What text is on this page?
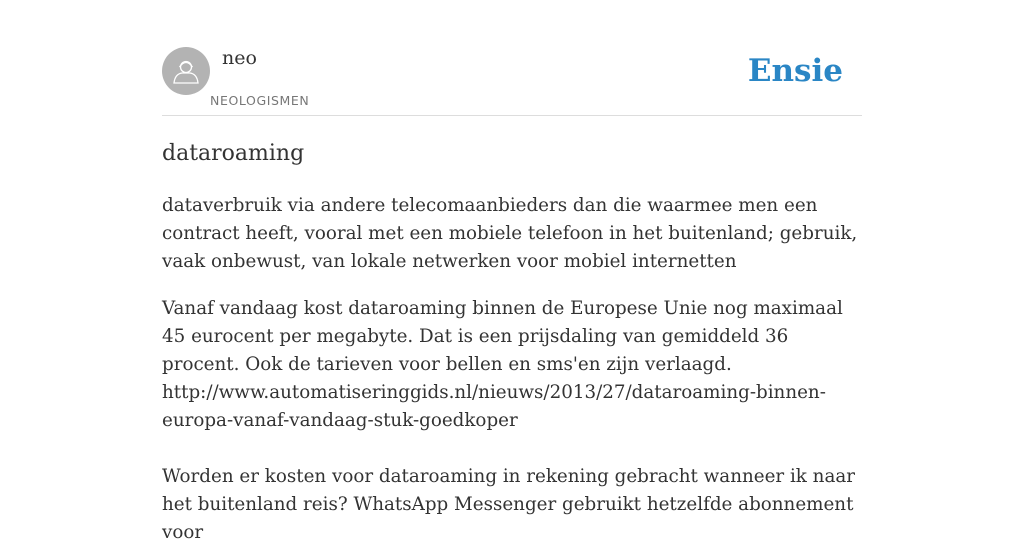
neo
NEOLOGISMEN
Ensie
dataroaming

dataverbruik via andere telecomaanbieders dan die waarmee men een contract heeft, vooral met een mobiele telefoon in het buitenland; gebruik, vaak onbewust, van lokale netwerken voor mobiel internetten

Vanaf vandaag kost dataroaming binnen de Europese Unie nog maximaal 45 eurocent per megabyte. Dat is een prijsdaling van gemiddeld 36 procent. Ook de tarieven voor bellen en sms'en zijn verlaagd.
http://www.automatiseringgids.nl/nieuws/2013/27/dataroaming-binnen-europa-vanaf-vandaag-stuk-goedkoper

Worden er kosten voor dataroaming in rekening gebracht wanneer ik naar het buitenland reis? WhatsApp Messenger gebruikt hetzelfde abonnement voor
